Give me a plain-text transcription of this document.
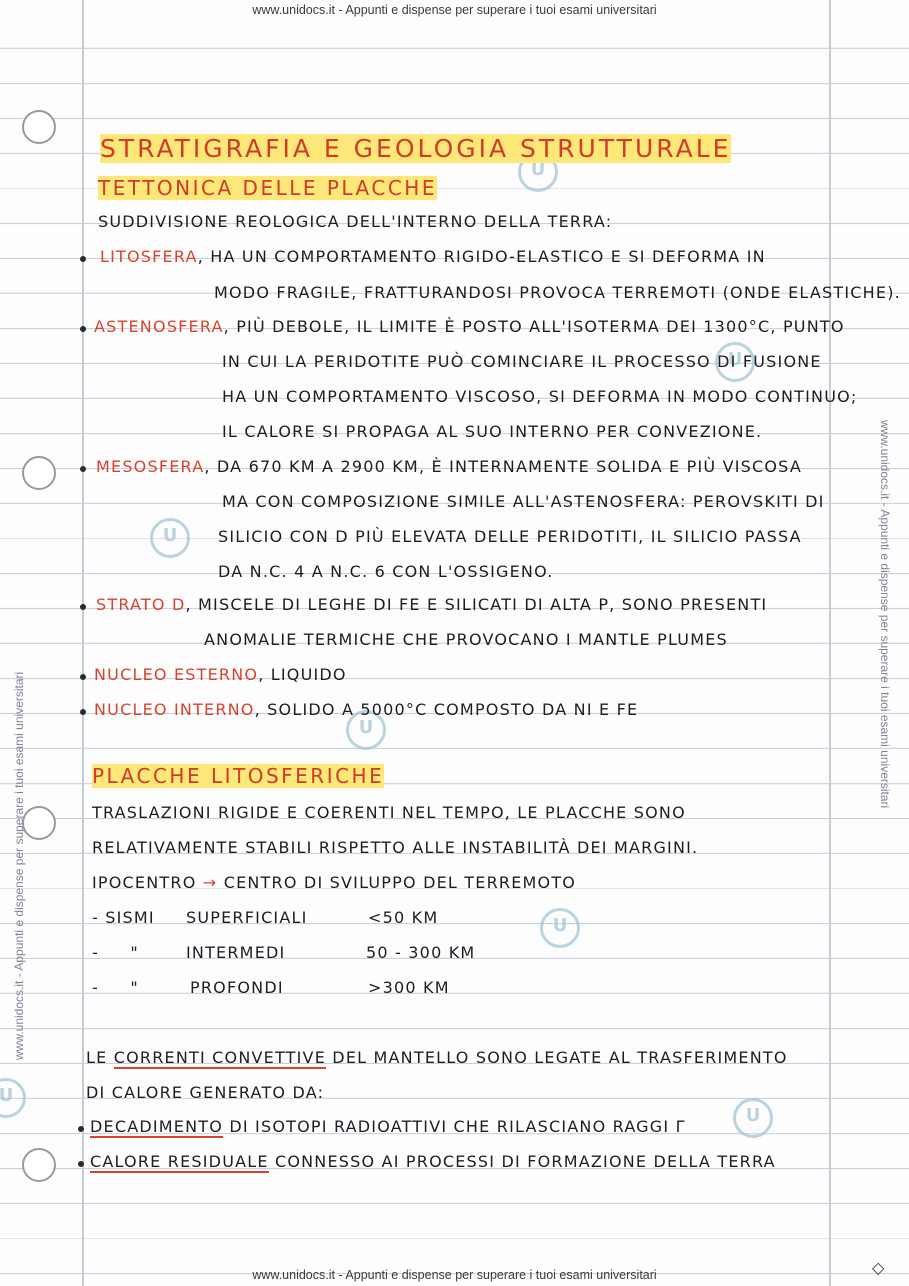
www.unidocs.it - Appunti e dispense per superare i tuoi esami universitari
www.unidocs.it - Appunti e dispense per superare i tuoi esami universitari
www.unidocs.it - Appunti e dispense per superare i tuoi esami universitari
www.unidocs.it - Appunti e dispense per superare i tuoi esami universitari
U
U
U
U
U
U
U
STRATIGRAFIA E GEOLOGIA STRUTTURALE
TETTONICA DELLE PLACCHE
SUDDIVISIONE REOLOGICA DELL'INTERNO DELLA TERRA:
LITOSFERA, HA UN COMPORTAMENTO RIGIDO-ELASTICO E SI DEFORMA IN
MODO FRAGILE, FRATTURANDOSI PROVOCA TERREMOTI (ONDE ELASTICHE).
ASTENOSFERA, PIÙ DEBOLE, IL LIMITE È POSTO ALL'ISOTERMA DEI 1300°C, PUNTO
IN CUI LA PERIDOTITE PUÒ COMINCIARE IL PROCESSO DI FUSIONE
HA UN COMPORTAMENTO VISCOSO, SI DEFORMA IN MODO CONTINUO;
IL CALORE SI PROPAGA AL SUO INTERNO PER CONVEZIONE.
MESOSFERA, DA 670 KM A 2900 KM, È INTERNAMENTE SOLIDA E PIÙ VISCOSA
MA CON COMPOSIZIONE SIMILE ALL'ASTENOSFERA: PEROVSKITI DI
SILICIO CON D PIÙ ELEVATA DELLE PERIDOTITI, IL SILICIO PASSA
DA N.C. 4 A N.C. 6 CON L'OSSIGENO.
STRATO D, MISCELE DI LEGHE DI FE E SILICATI DI ALTA P, SONO PRESENTI
ANOMALIE TERMICHE CHE PROVOCANO I MANTLE PLUMES
NUCLEO ESTERNO, LIQUIDO
NUCLEO INTERNO, SOLIDO A 5000°C COMPOSTO DA NI E FE
PLACCHE LITOSFERICHE
TRASLAZIONI RIGIDE E COERENTI NEL TEMPO, LE PLACCHE SONO
RELATIVAMENTE STABILI RISPETTO ALLE INSTABILITÀ DEI MARGINI.
IPOCENTRO → CENTRO DI SVILUPPO DEL TERREMOTO
- SISMI SUPERFICIALI	<50 KM
- "	INTERMEDI	50 - 300 KM
- "	PROFONDI	>300 KM
LE CORRENTI CONVETTIVE DEL MANTELLO SONO LEGATE AL TRASFERIMENTO
DI CALORE GENERATO DA:
DECADIMENTO DI ISOTOPI RADIOATTIVI CHE RILASCIANO RAGGI Γ
CALORE RESIDUALE CONNESSO AI PROCESSI DI FORMAZIONE DELLA TERRA
◇
